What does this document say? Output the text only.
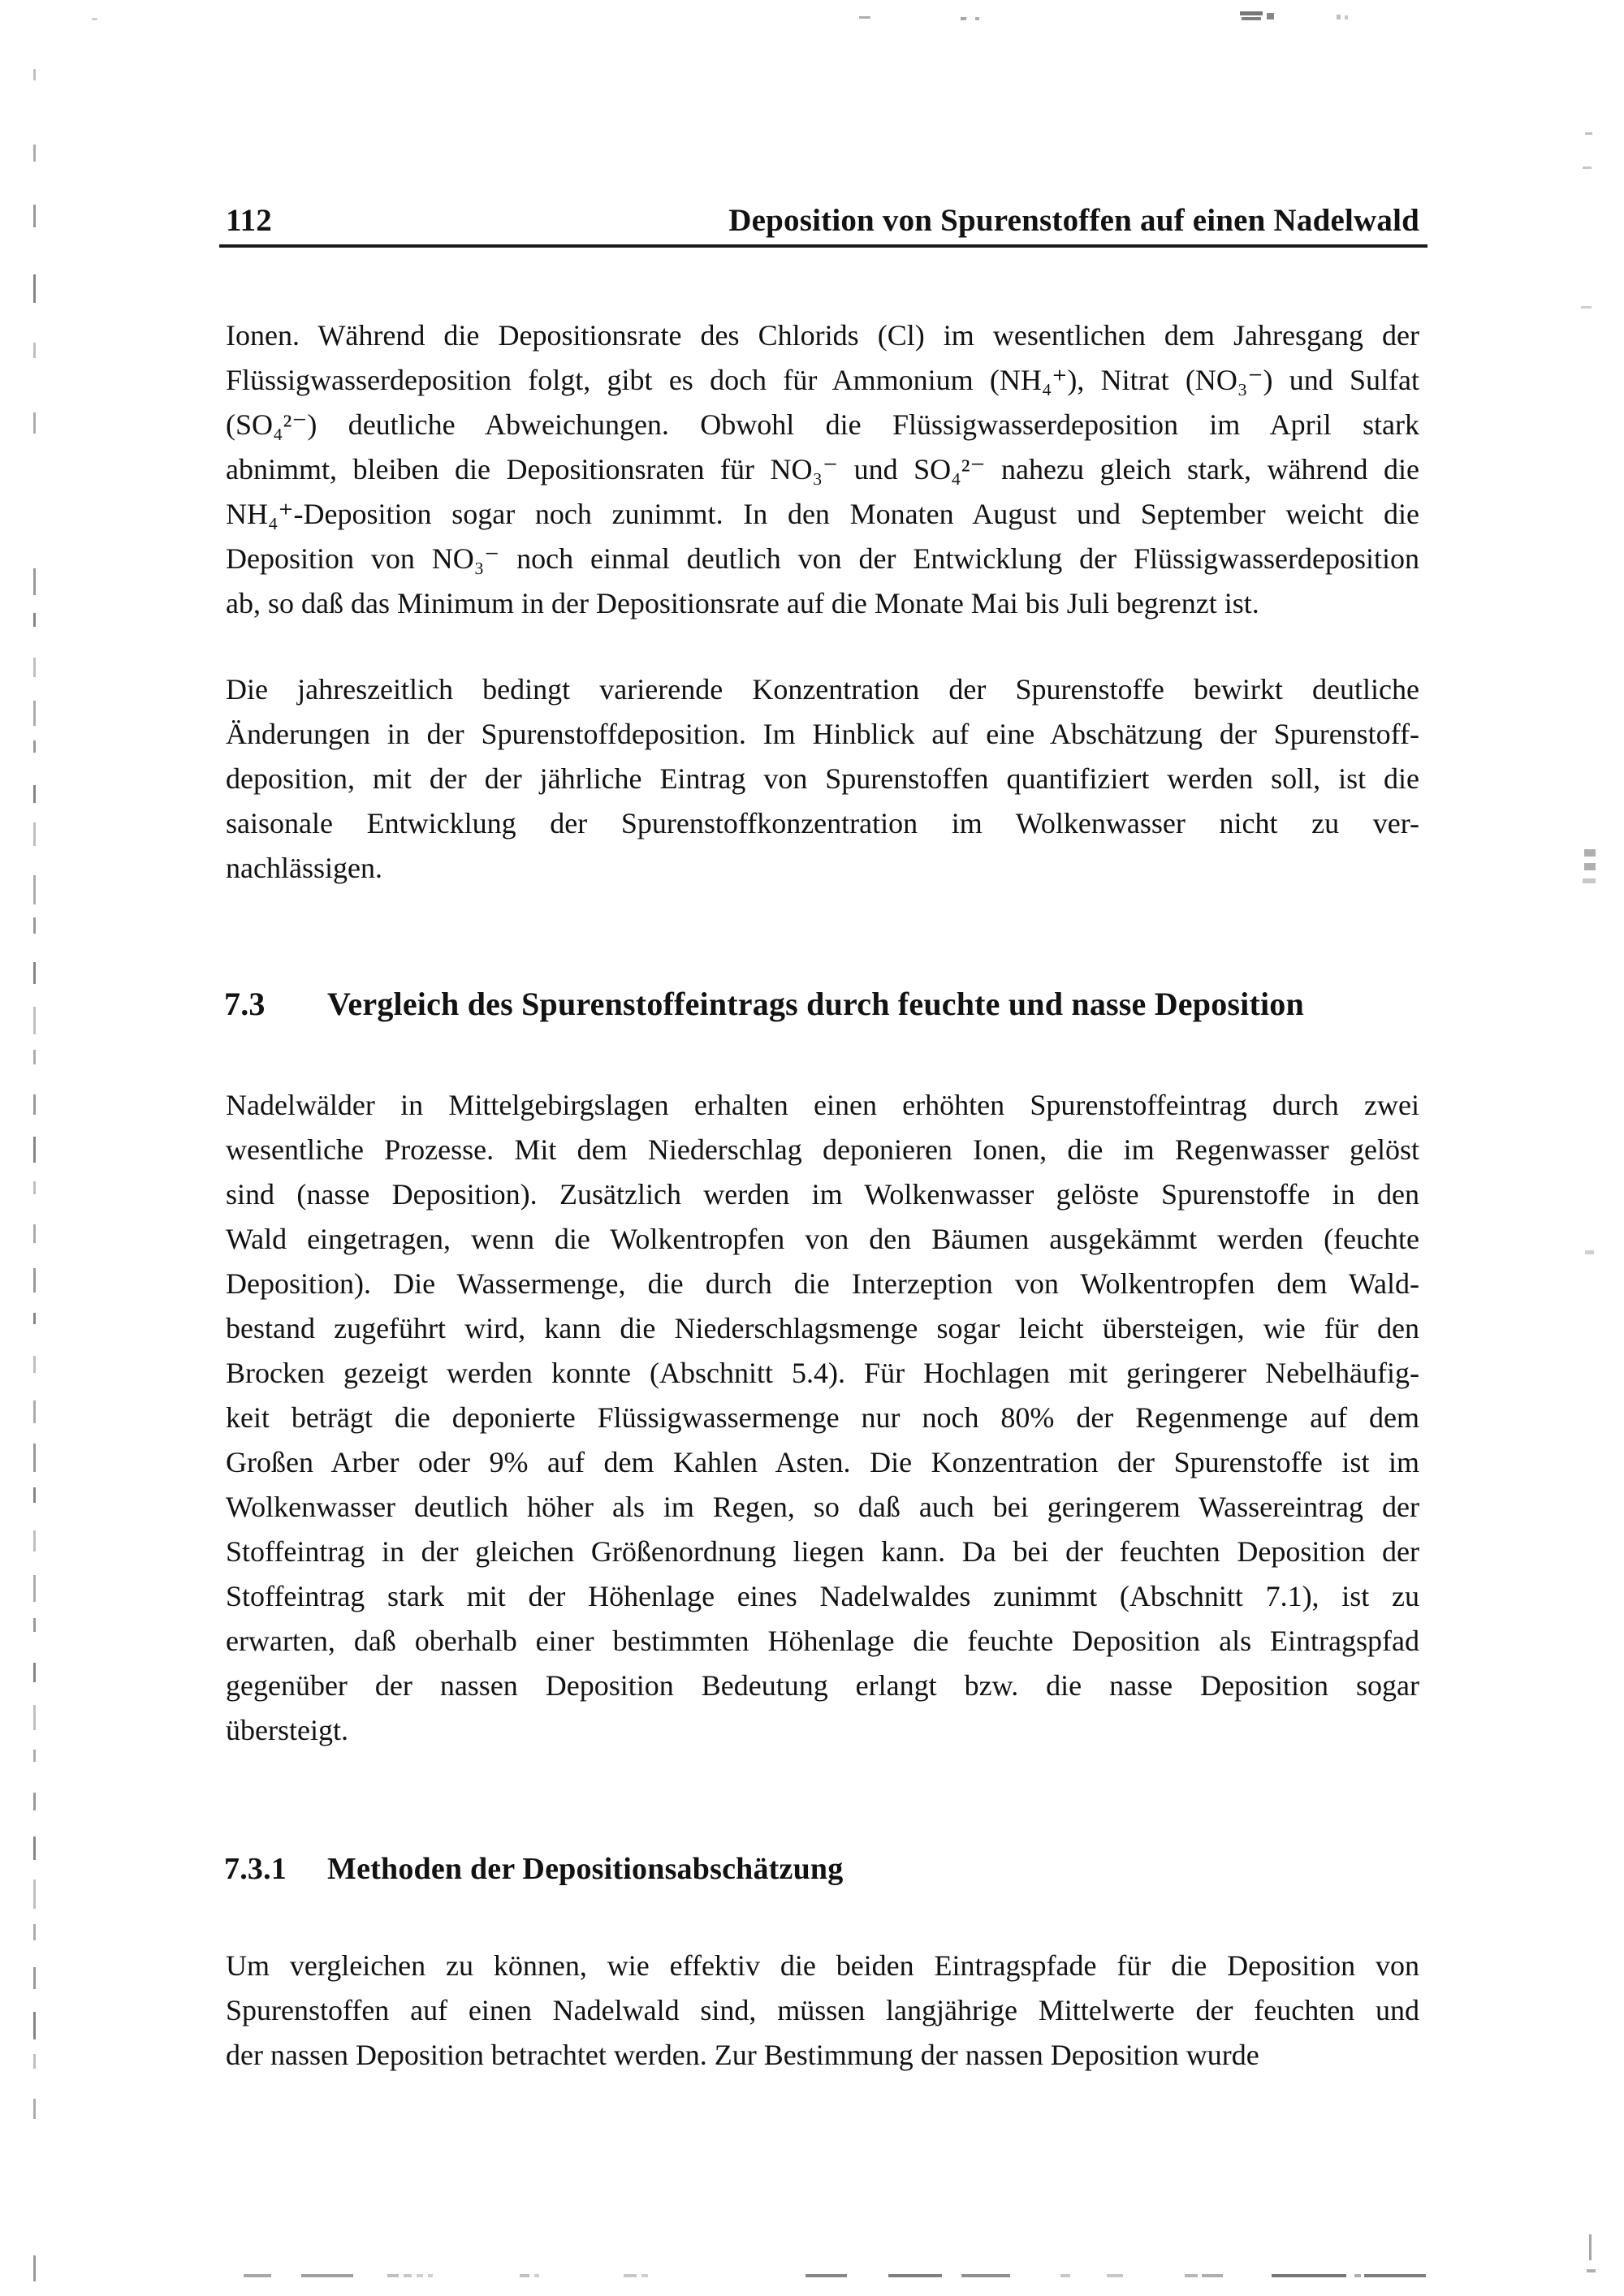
112	Deposition von Spurenstoffen auf einen Nadelwald
Ionen. Während die Depositionsrate des Chlorids (Cl) im wesentlichen dem Jahresgang der
Flüssigwasserdeposition folgt, gibt es doch für Ammonium (NH₄⁺), Nitrat (NO₃⁻) und Sulfat
(SO₄²⁻) deutliche Abweichungen. Obwohl die Flüssigwasserdeposition im April stark
abnimmt, bleiben die Depositionsraten für NO₃⁻ und SO₄²⁻ nahezu gleich stark, während die
NH₄⁺-Deposition sogar noch zunimmt. In den Monaten August und September weicht die
Deposition von NO₃⁻ noch einmal deutlich von der Entwicklung der Flüssigwasserdeposition
ab, so daß das Minimum in der Depositionsrate auf die Monate Mai bis Juli begrenzt ist.
Die jahreszeitlich bedingt varierende Konzentration der Spurenstoffe bewirkt deutliche
Änderungen in der Spurenstoffdeposition. Im Hinblick auf eine Abschätzung der Spurenstoff-
deposition, mit der der jährliche Eintrag von Spurenstoffen quantifiziert werden soll, ist die
saisonale Entwicklung der Spurenstoffkonzentration im Wolkenwasser nicht zu ver-
nachlässigen.
7.3	Vergleich des Spurenstoffeintrags durch feuchte und nasse Deposition
Nadelwälder in Mittelgebirgslagen erhalten einen erhöhten Spurenstoffeintrag durch zwei
wesentliche Prozesse. Mit dem Niederschlag deponieren Ionen, die im Regenwasser gelöst
sind (nasse Deposition). Zusätzlich werden im Wolkenwasser gelöste Spurenstoffe in den
Wald eingetragen, wenn die Wolkentropfen von den Bäumen ausgekämmt werden (feuchte
Deposition). Die Wassermenge, die durch die Interzeption von Wolkentropfen dem Wald-
bestand zugeführt wird, kann die Niederschlagsmenge sogar leicht übersteigen, wie für den
Brocken gezeigt werden konnte (Abschnitt 5.4). Für Hochlagen mit geringerer Nebelhäufig-
keit beträgt die deponierte Flüssigwassermenge nur noch 80% der Regenmenge auf dem
Großen Arber oder 9% auf dem Kahlen Asten. Die Konzentration der Spurenstoffe ist im
Wolkenwasser deutlich höher als im Regen, so daß auch bei geringerem Wassereintrag der
Stoffeintrag in der gleichen Größenordnung liegen kann. Da bei der feuchten Deposition der
Stoffeintrag stark mit der Höhenlage eines Nadelwaldes zunimmt (Abschnitt 7.1), ist zu
erwarten, daß oberhalb einer bestimmten Höhenlage die feuchte Deposition als Eintragspfad
gegenüber der nassen Deposition Bedeutung erlangt bzw. die nasse Deposition sogar
übersteigt.
7.3.1	Methoden der Depositionsabschätzung
Um vergleichen zu können, wie effektiv die beiden Eintragspfade für die Deposition von
Spurenstoffen auf einen Nadelwald sind, müssen langjährige Mittelwerte der feuchten und
der nassen Deposition betrachtet werden. Zur Bestimmung der nassen Deposition wurde
